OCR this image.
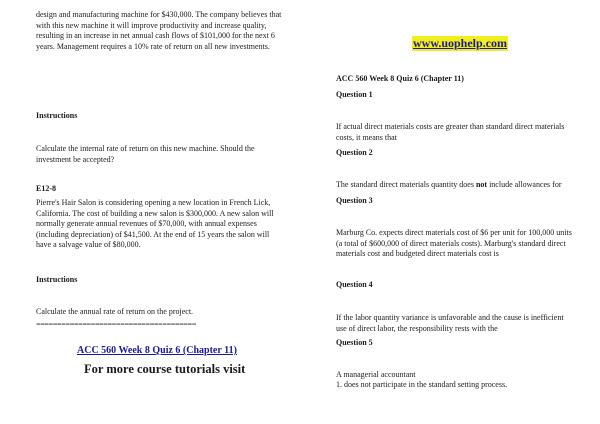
design and manufacturing machine for $430,000. The company believes that with this new machine it will improve productivity and increase quality, resulting in an increase in net annual cash flows of $101,000 for the next 6 years. Management requires a 10% rate of return on all new investments.

Instructions

Calculate the internal rate of return on this new machine. Should the investment be accepted?

E12-8

Pierre's Hair Salon is considering opening a new location in French Lick, California. The cost of building a new salon is $300,000. A new salon will normally generate annual revenues of $70,000, with annual expenses (including depreciation) of $41,500. At the end of 15 years the salon will have a salvage value of $80,000.

Instructions

Calculate the annual rate of return on the project.

======================================

ACC 560 Week 8 Quiz 6 (Chapter 11)
For more course tutorials visit
www.uophelp.com

ACC 560 Week 8 Quiz 6 (Chapter 11)

Question 1

If actual direct materials costs are greater than standard direct materials costs, it means that

Question 2

The standard direct materials quantity does not include allowances for

Question 3

Marburg Co. expects direct materials cost of $6 per unit for 100,000 units (a total of $600,000 of direct materials costs). Marburg's standard direct materials cost and budgeted direct materials cost is

Question 4

If the labor quantity variance is unfavorable and the cause is inefficient use of direct labor, the responsibility rests with the

Question 5

A managerial accountant

1. does not participate in the standard setting process.
